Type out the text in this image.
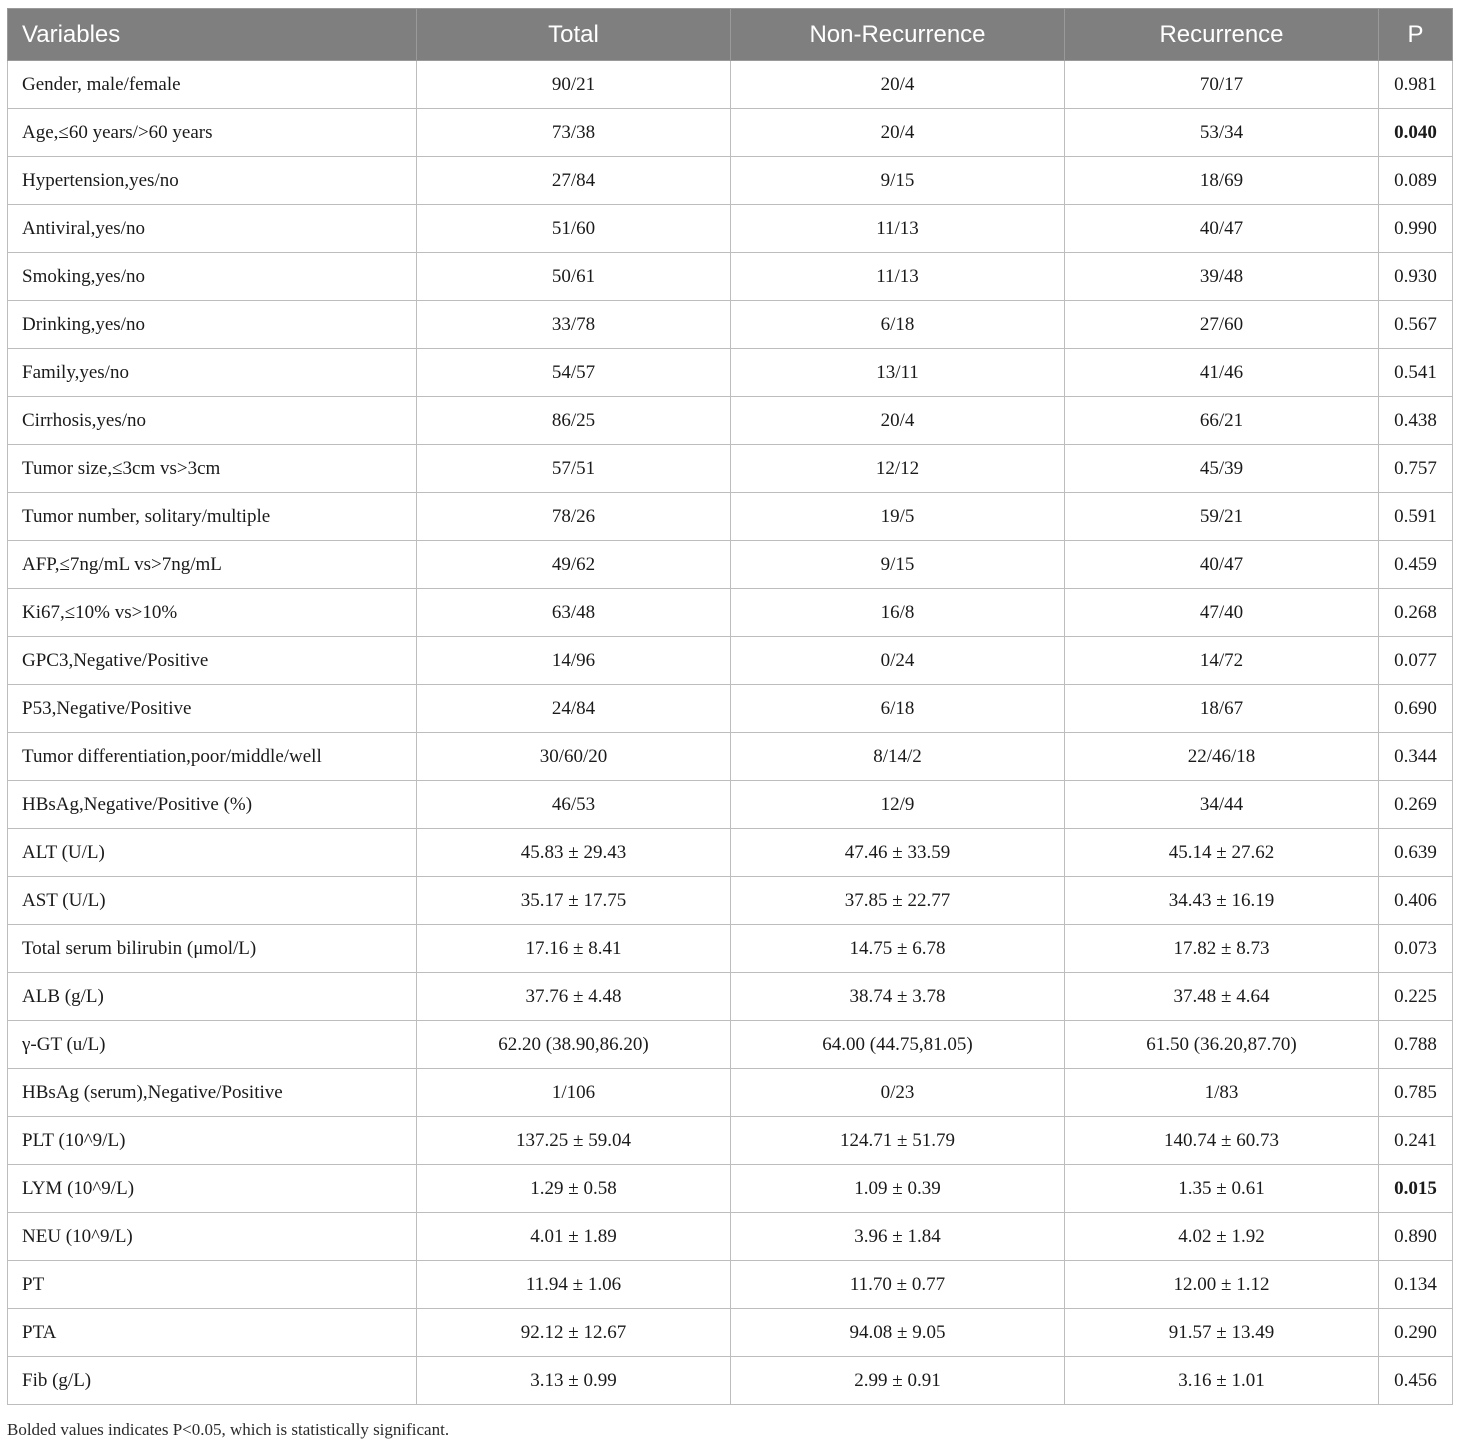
Variables	Total	Non-Recurrence	Recurrence	P
Gender, male/female	90/21	20/4	70/17	0.981
Age,≤60 years/>60 years	73/38	20/4	53/34	0.040
Hypertension,yes/no	27/84	9/15	18/69	0.089
Antiviral,yes/no	51/60	11/13	40/47	0.990
Smoking,yes/no	50/61	11/13	39/48	0.930
Drinking,yes/no	33/78	6/18	27/60	0.567
Family,yes/no	54/57	13/11	41/46	0.541
Cirrhosis,yes/no	86/25	20/4	66/21	0.438
Tumor size,≤3cm vs>3cm	57/51	12/12	45/39	0.757
Tumor number, solitary/multiple	78/26	19/5	59/21	0.591
AFP,≤7ng/mL vs>7ng/mL	49/62	9/15	40/47	0.459
Ki67,≤10% vs>10%	63/48	16/8	47/40	0.268
GPC3,Negative/Positive	14/96	0/24	14/72	0.077
P53,Negative/Positive	24/84	6/18	18/67	0.690
Tumor differentiation,poor/middle/well	30/60/20	8/14/2	22/46/18	0.344
HBsAg,Negative/Positive (%)	46/53	12/9	34/44	0.269
ALT (U/L)	45.83 ± 29.43	47.46 ± 33.59	45.14 ± 27.62	0.639
AST (U/L)	35.17 ± 17.75	37.85 ± 22.77	34.43 ± 16.19	0.406
Total serum bilirubin (μmol/L)	17.16 ± 8.41	14.75 ± 6.78	17.82 ± 8.73	0.073
ALB (g/L)	37.76 ± 4.48	38.74 ± 3.78	37.48 ± 4.64	0.225
γ-GT (u/L)	62.20 (38.90,86.20)	64.00 (44.75,81.05)	61.50 (36.20,87.70)	0.788
HBsAg (serum),Negative/Positive	1/106	0/23	1/83	0.785
PLT (10^9/L)	137.25 ± 59.04	124.71 ± 51.79	140.74 ± 60.73	0.241
LYM (10^9/L)	1.29 ± 0.58	1.09 ± 0.39	1.35 ± 0.61	0.015
NEU (10^9/L)	4.01 ± 1.89	3.96 ± 1.84	4.02 ± 1.92	0.890
PT	11.94 ± 1.06	11.70 ± 0.77	12.00 ± 1.12	0.134
PTA	92.12 ± 12.67	94.08 ± 9.05	91.57 ± 13.49	0.290
Fib (g/L)	3.13 ± 0.99	2.99 ± 0.91	3.16 ± 1.01	0.456
Bolded values indicates P<0.05, which is statistically significant.
